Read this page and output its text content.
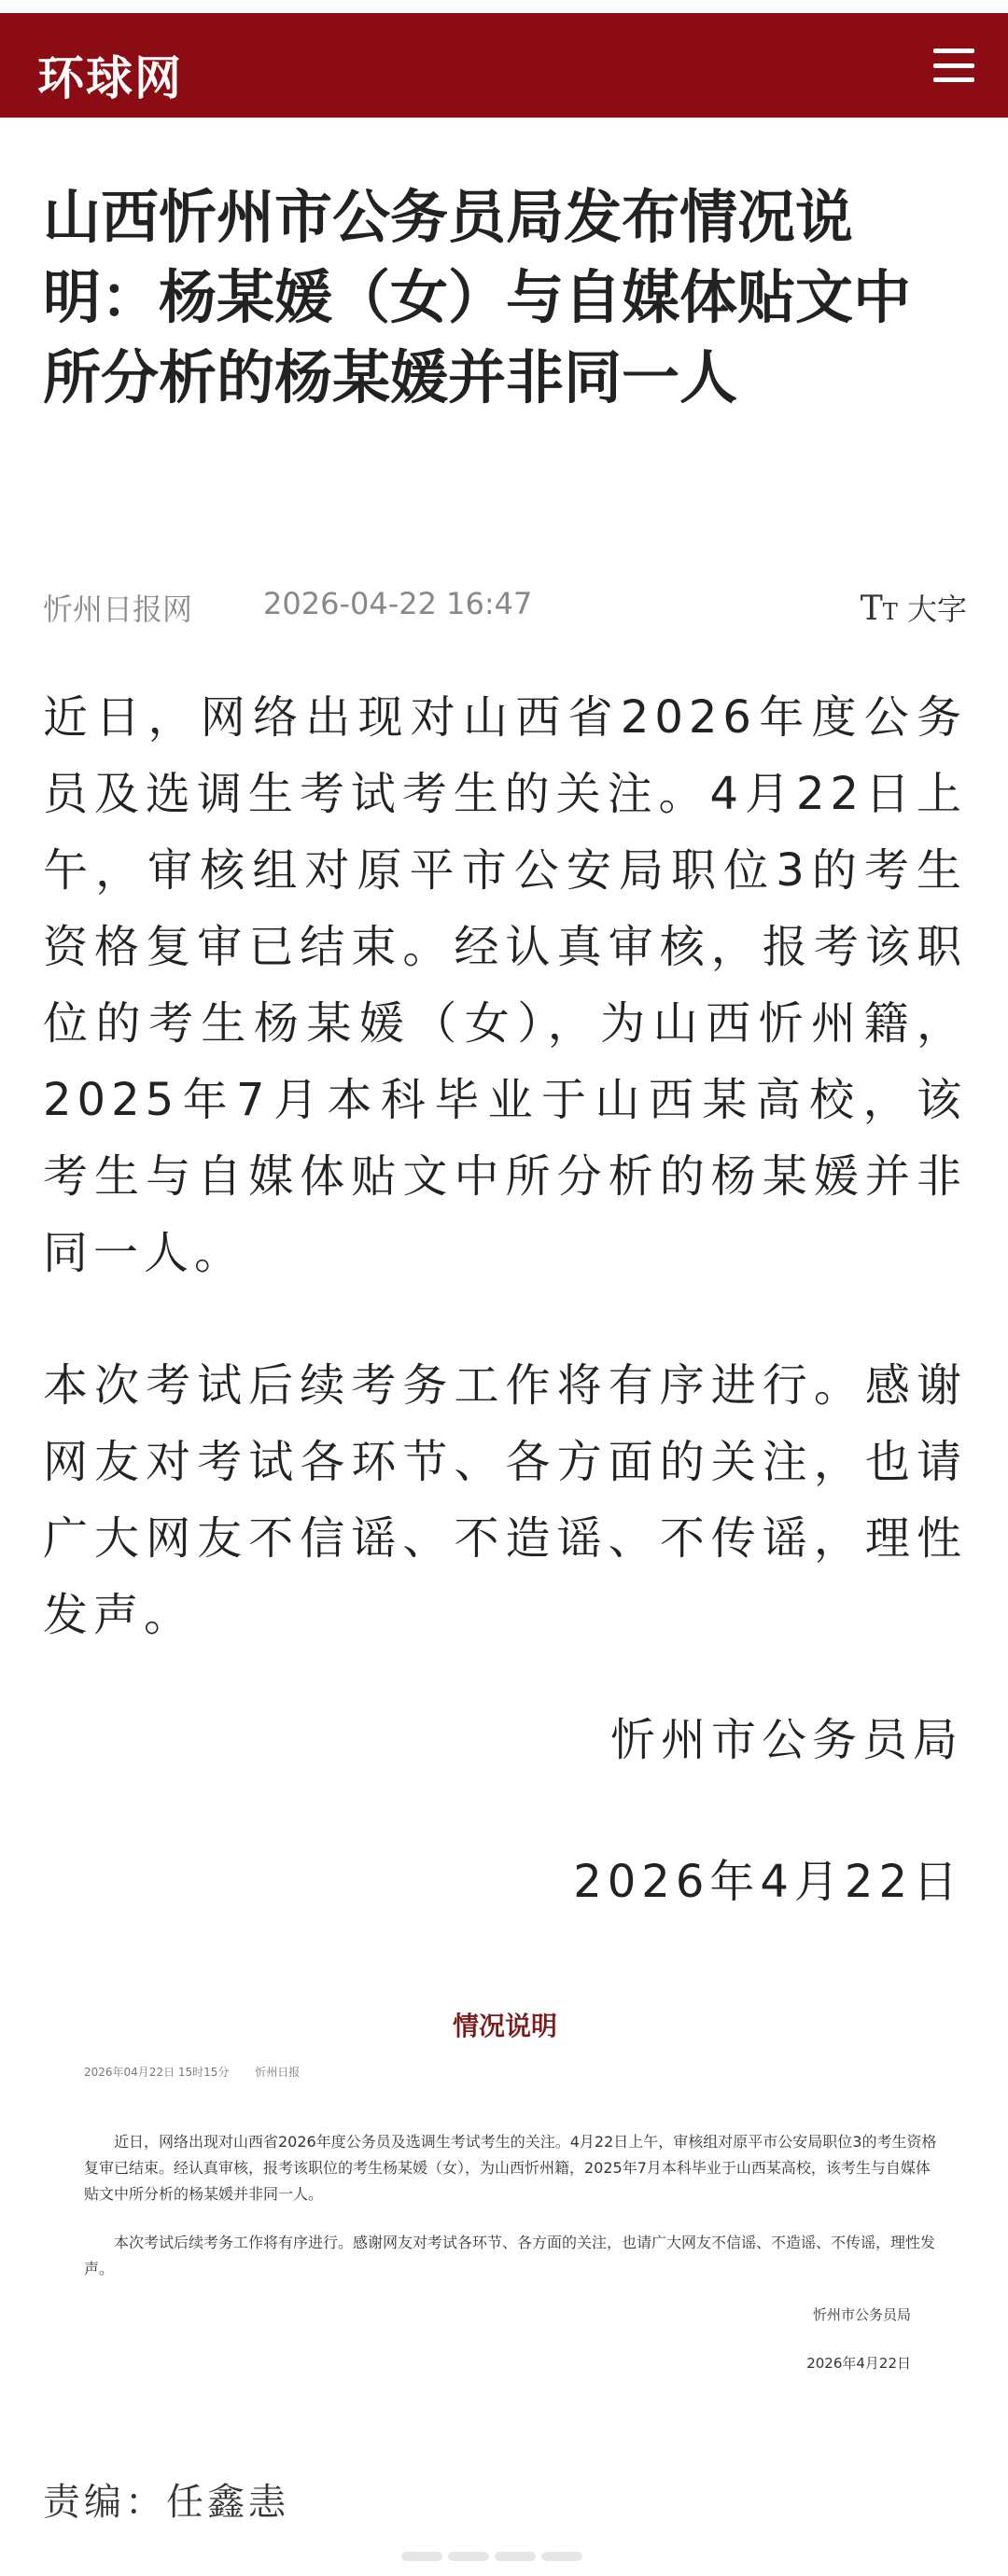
环球网
山西忻州市公务员局发布情况说明：杨某媛（女）与自媒体贴文中所分析的杨某媛并非同一人
忻州日报网 2026-04-22 16:47	TT 大字

近日，网络出现对山西省2026年度公务员及选调生考试考生的关注。4月22日上午，审核组对原平市公安局职位3的考生资格复审已结束。经认真审核，报考该职位的考生杨某媛（女），为山西忻州籍，2025年7月本科毕业于山西某高校，该考生与自媒体贴文中所分析的杨某媛并非同一人。

本次考试后续考务工作将有序进行。感谢网友对考试各环节、各方面的关注，也请广大网友不信谣、不造谣、不传谣，理性发声。

忻州市公务员局
2026年4月22日
情况说明
2026年04月22日 15时15分 忻州日报

近日，网络出现对山西省2026年度公务员及选调生考试考生的关注。4月22日上午，审核组对原平市公安局职位3的考生资格复审已结束。经认真审核，报考该职位的考生杨某媛（女），为山西忻州籍，2025年7月本科毕业于山西某高校，该考生与自媒体贴文中所分析的杨某媛并非同一人。

本次考试后续考务工作将有序进行。感谢网友对考试各环节、各方面的关注，也请广大网友不信谣、不造谣、不传谣，理性发声。

忻州市公务员局
2026年4月22日
责编：任鑫恚
